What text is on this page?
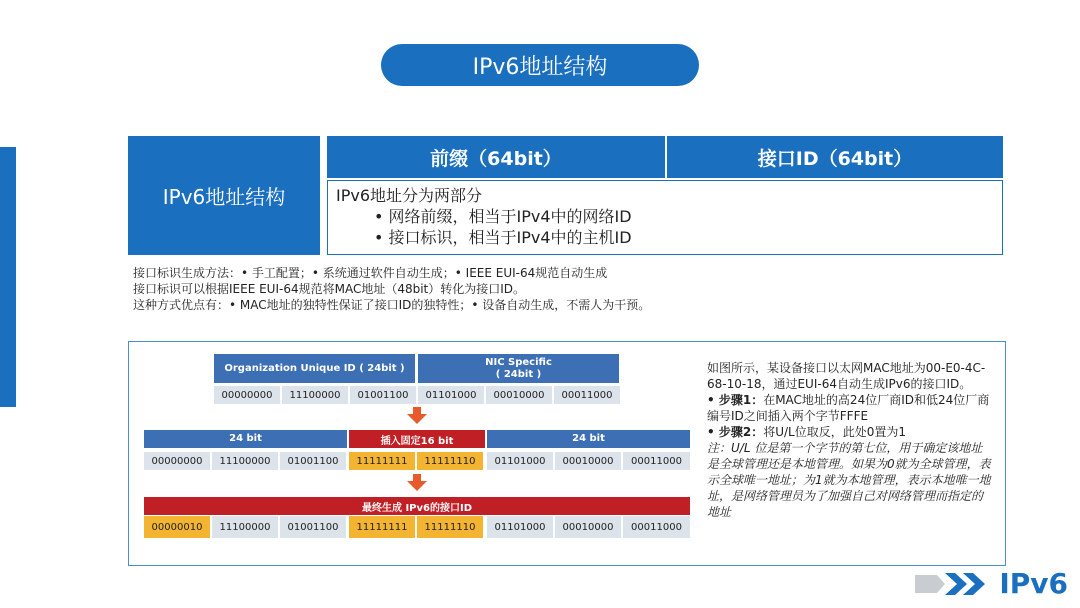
IPv6地址结构
IPv6地址结构
前缀（64bit）	接口ID（64bit）
IPv6地址分为两部分
• 网络前缀，相当于IPv4中的网络ID
• 接口标识，相当于IPv4中的主机ID
接口标识生成方法：• 手工配置；• 系统通过软件自动生成；• IEEE EUI-64规范自动生成
接口标识可以根据IEEE EUI-64规范将MAC地址（48bit）转化为接口ID。
这种方式优点有：• MAC地址的独特性保证了接口ID的独特性；• 设备自动生成，不需人为干预。
Organization Unique ID ( 24bit )
NIC Specific
( 24bit )
00000000	11100000	01001100	01101000	00010000	00011000
24 bit	插入固定16 bit	24 bit
00000000	11100000	01001100	11111111	11111110	01101000	00010000	00011000
最终生成 IPv6的接口ID
00000010	11100000	01001100	11111111	11111110	01101000	00010000	00011000
如图所示，某设备接口以太网MAC地址为00-E0-4C-68-10-18，通过EUI-64自动生成IPv6的接口ID。
• 步骤1：在MAC地址的高24位厂商ID和低24位厂商编号ID之间插入两个字节FFFE
• 步骤2：将U/L位取反，此处0置为1
注：U/L 位是第一个字节的第七位，用于确定该地址是全球管理还是本地管理。如果为0就为全球管理，表示全球唯一地址；为1就为本地管理，表示本地唯一地址，是网络管理员为了加强自己对网络管理而指定的地址
IPv6
